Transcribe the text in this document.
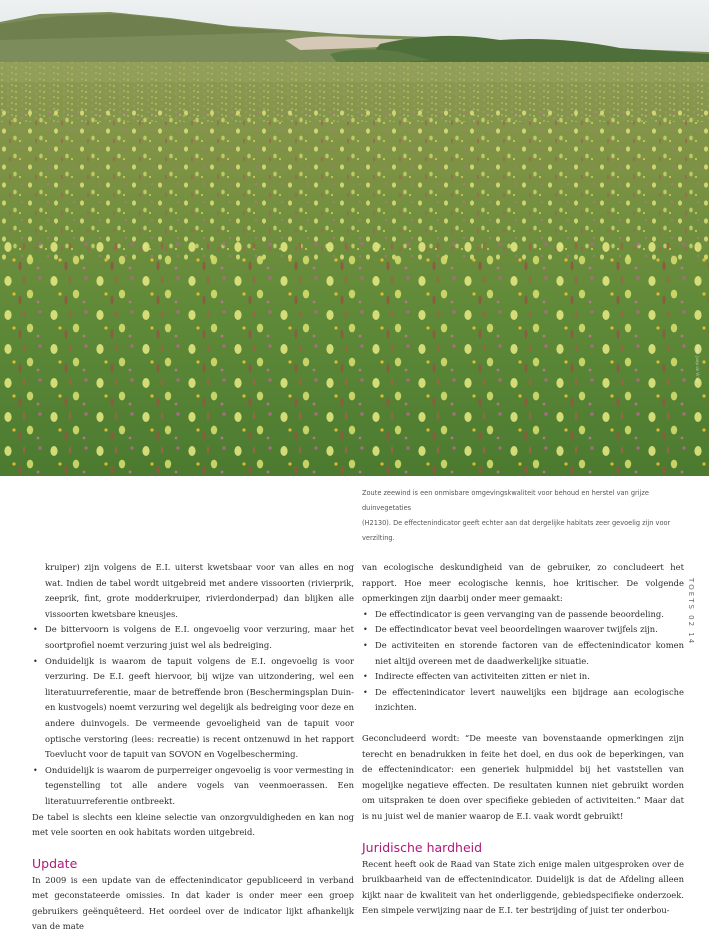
Foto: Joep de Vries

Zoute zeewind is een onmisbare omgevingskwaliteit voor behoud en herstel van grijze duinvegetaties

(H2130). De effectenindicator geeft echter aan dat dergelijke habitats zeer gevoelig zijn voor verzilting.

TOETS 02 14

kruiper) zijn volgens de E.I. uiterst kwetsbaar voor van alles en nog wat. Indien de tabel wordt uitgebreid met andere vissoorten (rivierprik, zeeprik, fint, grote modderkruiper, rivierdonderpad) dan blijken alle vissoorten kwetsbare kneusjes.

• De bittervoorn is volgens de E.I. ongevoelig voor verzuring, maar het soortprofiel noemt verzuring juist wel als bedreiging.
• Onduidelijk is waarom de tapuit volgens de E.I. ongevoelig is voor verzuring. De E.I. geeft hiervoor, bij wijze van uitzondering, wel een literatuurreferentie, maar de betreffende bron (Beschermingsplan Duin- en kustvogels) noemt verzuring wel degelijk als bedreiging voor deze en andere duinvogels. De vermeende gevoeligheid van de tapuit voor optische verstoring (lees: recreatie) is recent ontzenuwd in het rapport Toevlucht voor de tapuit van SOVON en Vogelbescherming.
• Onduidelijk is waarom de purperreiger ongevoelig is voor vermesting in tegenstelling tot alle andere vogels van veenmoerassen. Een literatuurreferentie ontbreekt.

De tabel is slechts een kleine selectie van onzorgvuldigheden en kan nog met vele soorten en ook habitats worden uitgebreid.

Update

In 2009 is een update van de effectenindicator gepubliceerd in verband met geconstateerde omissies. In dat kader is onder meer een groep gebruikers geënquêteerd. Het oordeel over de indicator lijkt afhankelijk van de mate

van ecologische deskundigheid van de gebruiker, zo concludeert het rapport. Hoe meer ecologische kennis, hoe kritischer. De volgende opmerkingen zijn daarbij onder meer gemaakt:

• De effectindicator is geen vervanging van de passende beoordeling.
• De effectindicator bevat veel beoordelingen waarover twijfels zijn.
• De activiteiten en storende factoren van de effectenindicator komen niet altijd overeen met de daadwerkelijke situatie.
• Indirecte effecten van activiteiten zitten er niet in.
• De effectenindicator levert nauwelijks een bijdrage aan ecologische inzichten.

Geconcludeerd wordt: “De meeste van bovenstaande opmerkingen zijn terecht en benadrukken in feite het doel, en dus ook de beperkingen, van de effectenindicator: een generiek hulpmiddel bij het vaststellen van mogelijke negatieve effecten. De resultaten kunnen niet gebruikt worden om uitspraken te doen over specifieke gebieden of activiteiten.” Maar dat is nu juist wel de manier waarop de E.I. vaak wordt gebruikt!

Juridische hardheid

Recent heeft ook de Raad van State zich enige malen uitgesproken over de bruikbaarheid van de effectenindicator. Duidelijk is dat de Afdeling alleen kijkt naar de kwaliteit van het onderliggende, gebiedspecifieke onderzoek. Een simpele verwijzing naar de E.I. ter bestrijding of juist ter onderbou-
